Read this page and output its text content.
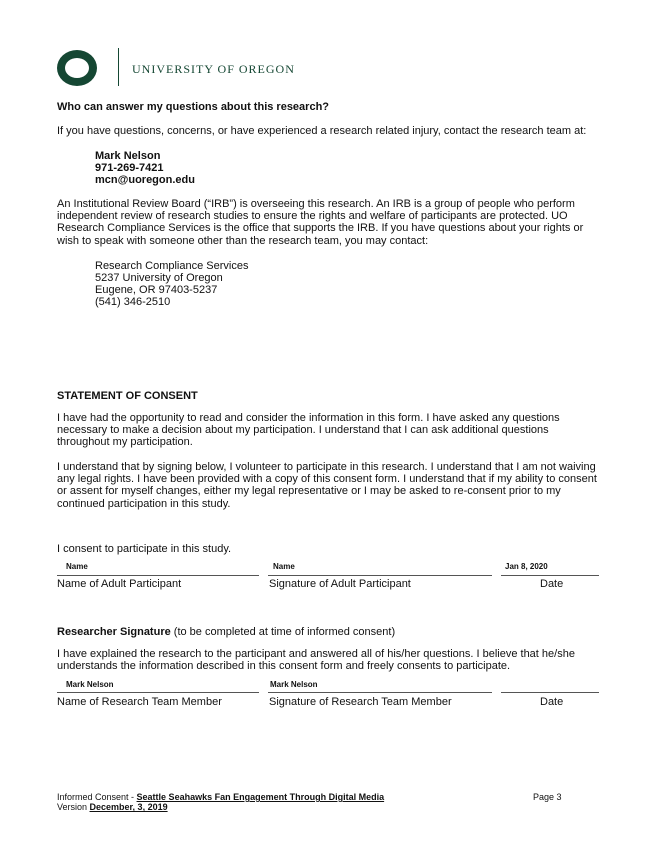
UNIVERSITY OF OREGON
Who can answer my questions about this research?
If you have questions, concerns, or have experienced a research related injury, contact the research team at:
Mark Nelson
971-269-7421
mcn@uoregon.edu
An Institutional Review Board (“IRB”) is overseeing this research. An IRB is a group of people who perform independent review of research studies to ensure the rights and welfare of participants are protected. UO Research Compliance Services is the office that supports the IRB. If you have questions about your rights or wish to speak with someone other than the research team, you may contact:
Research Compliance Services
5237 University of Oregon
Eugene, OR 97403-5237
(541) 346-2510
STATEMENT OF CONSENT
I have had the opportunity to read and consider the information in this form. I have asked any questions necessary to make a decision about my participation. I understand that I can ask additional questions throughout my participation.
I understand that by signing below, I volunteer to participate in this research. I understand that I am not waiving any legal rights. I have been provided with a copy of this consent form. I understand that if my ability to consent or assent for myself changes, either my legal representative or I may be asked to re-consent prior to my continued participation in this study.
I consent to participate in this study.
Name	Name	Jan 8, 2020
Name of Adult Participant	Signature of Adult Participant	Date
Researcher Signature (to be completed at time of informed consent)
I have explained the research to the participant and answered all of his/her questions. I believe that he/she understands the information described in this consent form and freely consents to participate.
Mark Nelson	Mark Nelson
Name of Research Team Member	Signature of Research Team Member	Date
Informed Consent - Seattle Seahawks Fan Engagement Through Digital Media	Page 3
Version December, 3, 2019
